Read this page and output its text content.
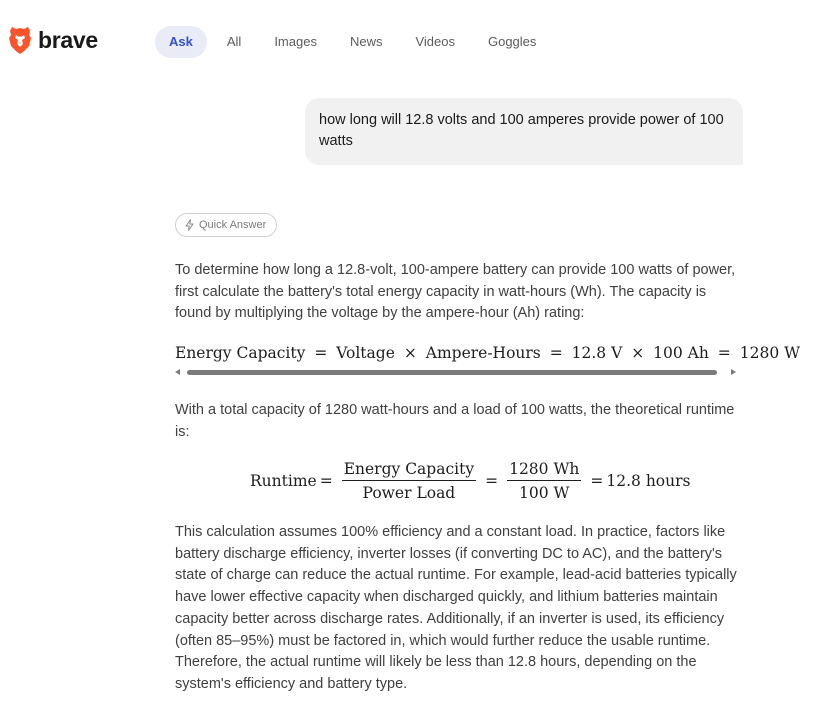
brave	Ask	All	Images	News	Videos	Goggles
how long will 12.8 volts and 100 amperes provide power of 100 watts
Quick Answer

To determine how long a 12.8-volt, 100-ampere battery can provide 100 watts of power, first calculate the battery's total energy capacity in watt-hours (Wh). The capacity is found by multiplying the voltage by the ampere-hour (Ah) rating:

Energy Capacity = Voltage × Ampere-Hours = 12.8 V × 100 Ah = 1280 W

With a total capacity of 1280 watt-hours and a load of 100 watts, the theoretical runtime is:

Runtime = $\frac{\text{Energy Capacity}}{\text{Power Load}} = \frac{1280 Wh}{100 W} = 12.8$ hours

This calculation assumes 100% efficiency and a constant load. In practice, factors like battery discharge efficiency, inverter losses (if converting DC to AC), and the battery's state of charge can reduce the actual runtime. For example, lead-acid batteries typically have lower effective capacity when discharged quickly, and lithium batteries maintain capacity better across discharge rates. Additionally, if an inverter is used, its efficiency (often 85–95%) must be factored in, which would further reduce the usable runtime. Therefore, the actual runtime will likely be less than 12.8 hours, depending on the system's efficiency and battery type.
